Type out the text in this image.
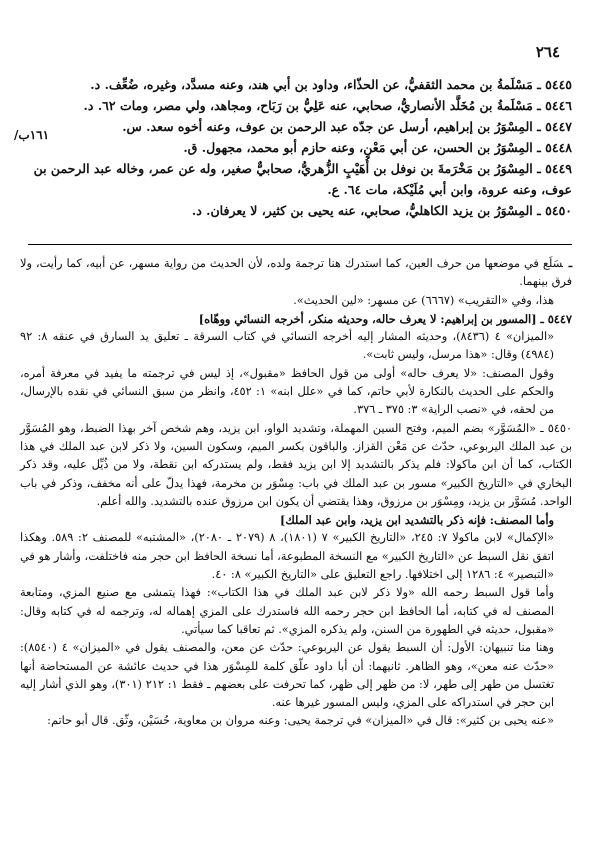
٢٦٤
/١٦١ب
٥٤٤٥ ـ مَسْلَمةُ بن محمد الثقفيُّ، عن الحذّاء، وداود بن أبي هند، وعنه مسدَّد، وغيره، ضُعِّف. د.
٥٤٤٦ ـ مَسْلَمةُ بن مُخَلَّد الأنصاريُّ، صحابي، عنه عَلِيُّ بن رَبَاح، ومجاهد، ولي مصر، ومات ٦٢. د.
٥٤٤٧ ـ المِسْوَرُ بن إبراهيم، أرسل عن جدّه عبد الرحمن بن عوف، وعنه أخوه سعد. س.
٥٤٤٨ ـ المِسْوَرُ بن الحسن، عن أبي مَعْنٍ، وعنه حازم أبو محمد، مجهول. ق.
٥٤٤٩ ـ المِسْوَرُ بن مَخْرَمةَ بن نوفل بن أُهَيْبٍ الزُّهريُّ، صحابيٌّ صغير، وله عن عمر، وخاله عبد الرحمن بن عوف، وعنه عروة، وابن أبي مُلَيْكة، مات ٦٤. ع.
٥٤٥٠ ـ المِسْوَرُ بن يزيد الكاهليُّ، صحابي، عنه يحيى بن كثير، لا يعرفان. د.

ـسَلَع في موضعها من حرف العين، كما استدرك هنا ترجمة ولده، لأن الحديث من رواية مسهر، عن أبيه، كما رأيت، ولا فرق بينهما.

هذا، وفي «التقريب» (٦٦٦٧) عن مسهر: «لين الحديث».

٥٤٤٧ ـ [المسور بن إبراهيم: لا يعرف حاله، وحديثه منكر، أخرجه النسائي ووهّاه]

«الميزان» ٤ (٨٤٣٦)، وحديثه المشار إليه أخرجه النسائي في كتاب السرقة ـ تعليق يد السارق في عنقه ٨: ٩٢ (٤٩٨٤) وقال: «هذا مرسل، وليس ثابت».

وقول المصنف: «لا يعرف حاله» أولى من قول الحافظ «مقبول»، إذ ليس في ترجمته ما يفيد في معرفة أمره، والحكم على الحديث بالنكارة لأبي حاتم، كما في «علل ابنه» ١: ٤٥٢، وانظر من سبق النسائي في نقده بالإرسال، من لحقه، في «نصب الراية» ٣: ٣٧٥ ـ ٣٧٦.

٥٤٥٠ ـ «المُسَوَّر» بضم الميم، وفتح السين المهملة، وتشديد الواو، ابن يزيد، وهم شخص آخر بهذا الضبط، وهو المُسَوَّر بن عبد الملك اليربوعي، حدّث عن مَعْن القزاز. والباقون بكسر الميم، وسكون السين، ولا ذكر لابن عبد الملك في هذا الكتاب، كما أن ابن ماكولا: فلم يذكر بالتشديد إلا ابن يزيد فقط، ولم يستدركه ابن نقطة، ولا من ذُيِّل عليه، وقد ذكر البخاري في «التاريخ الكبير» مسور بن عبد الملك في باب: مِسْوَر بن مخرمة، فهذا يدلّ على أنه مخفف، وذكر في باب الواحد. مُسَوَّر بن يزيد، ومِسْوَر بن مرزوق، وهذا يقتضي أن يكون ابن مرزوق عنده بالتشديد. والله أعلم.

وأما المصنف: فإنه ذكر بالتشديد ابن يزيد، وابن عبد الملك]

«الإكمال» لابن ماكولا ٧: ٢٤٥، «التاريخ الكبير» ٧ (١٨٠١)، ٨ (٢٠٧٩ ـ ٢٠٨٠)، «المشتبه» للمصنف ٢: ٥٨٩. وهكذا اتفق نقل السبط عن «التاريخ الكبير» مع النسخة المطبوعة، أما نسخة الحافظ ابن حجر منه فاختلفت، وأشار هو في «التبصير» ٤: ١٢٨٦ إلى اختلافها. راجع التعليق على «التاريخ الكبير» ٨: ٤٠.

وأما قول السبط رحمه الله «ولا ذكر لابن عبد الملك في هذا الكتاب»: فهذا يتمشى مع صنيع المزي، ومتابعة المصنف له في كتابه، أما الحافظ ابن حجر رحمه الله فاستدرك على المزي إهماله له، وترجمه له في كتابه وقال: «مقبول، حديثه في الطهورة من السنن، ولم يذكره المزي». ثم تعاقبا كما سيأتي.

وهنا منا تنبيهان: الأول: أن السبط يقول عن اليربوعي: حدّث عن معن، والمصنف يقول في «الميزان» ٤ (٨٥٤٠): «حدّث عنه معن»، وهو الظاهر. ثانيهما: أن أبا داود علّق كلمة للمِسْوَر هذا في حديث عائشة عن المستحاضة أنها تغتسل من طهر إلى طهر، لا: من ظهر إلى ظهر، كما تحرفت على بعضهم ـ فقط ١: ٢١٢ (٣٠١)، وهو الذي أشار إليه ابن حجر في استدراكه على المزي، وليس المسور غيرها عنه.

«عنه يحيى بن كثير»: قال في «الميزان» في ترجمة يحيى: وعنه مروان بن معاوية، حُسَيْن، وثّق. قال أبو حاتم:
